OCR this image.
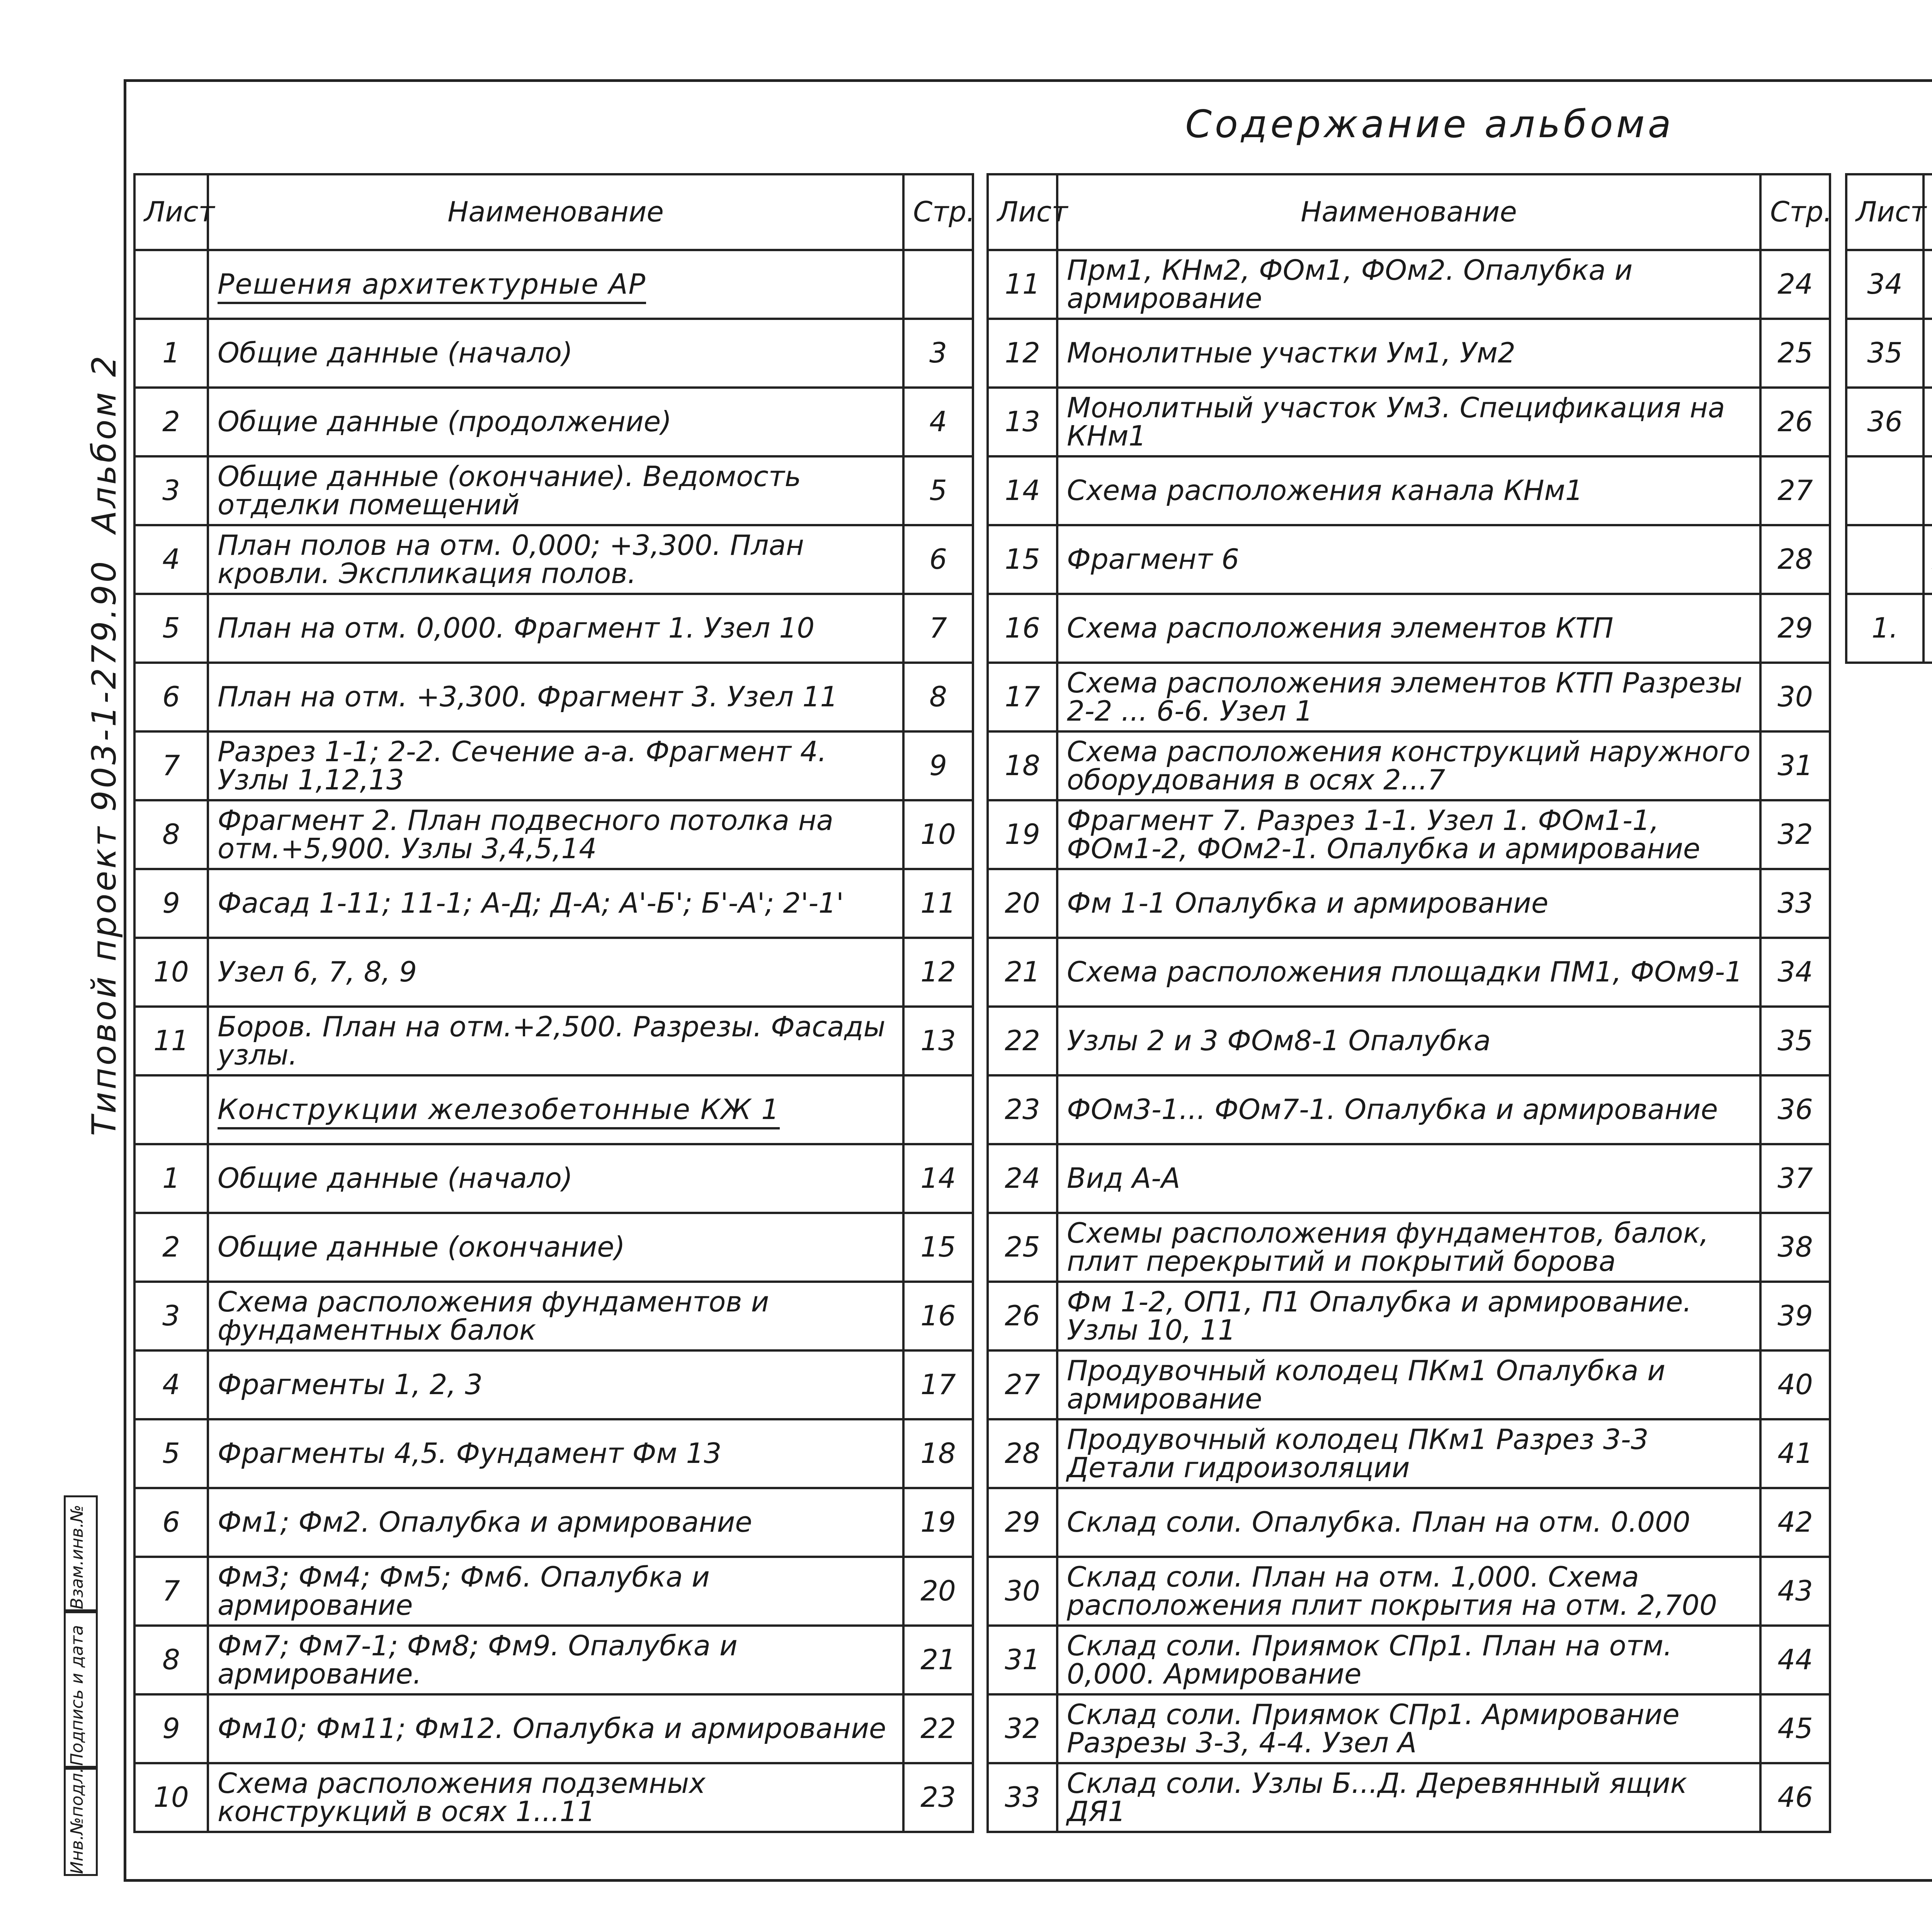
Содержание альбома
Типовой проект 903-1-279.90
Альбом 2
Инв.№подл.
Подпись и дата
Взам.инв.№
Лист	Наименование	Стр.
	Решения архитектурные АР	
1	Общие данные (начало)	3
2	Общие данные (продолжение)	4
3	Общие данные (окончание). Ведомость отделки помещений	5
4	План полов на отм. 0,000; +3,300. План кровли. Экспликация полов.	6
5	План на отм. 0,000. Фрагмент 1. Узел 10	7
6	План на отм. +3,300. Фрагмент 3. Узел 11	8
7	Разрез 1-1; 2-2. Сечение а-а. Фрагмент 4. Узлы 1,12,13	9
8	Фрагмент 2. План подвесного потолка на отм.+5,900. Узлы 3,4,5,14	10
9	Фасад 1-11; 11-1; А-Д; Д-А; А'-Б'; Б'-А'; 2'-1'	11
10	Узел 6, 7, 8, 9	12
11	Боров. План на отм.+2,500. Разрезы. Фасады узлы.	13
	Конструкции железобетонные КЖ 1	
1	Общие данные (начало)	14
2	Общие данные (окончание)	15
3	Схема расположения фундаментов и фундаментных балок	16
4	Фрагменты 1, 2, 3	17
5	Фрагменты 4,5. Фундамент Фм 13	18
6	Фм1; Фм2. Опалубка и армирование	19
7	Фм3; Фм4; Фм5; Фм6. Опалубка и армирование	20
8	Фм7; Фм7-1; Фм8; Фм9. Опалубка и армирование.	21
9	Фм10; Фм11; Фм12. Опалубка и армирование	22
10	Схема расположения подземных конструкций в осях 1...11	23
Лист	Наименование	Стр.
11	Прм1, КНм2, ФОм1, ФОм2. Опалубка и армирование	24
12	Монолитные участки Ум1, Ум2	25
13	Монолитный участок Ум3. Спецификация на КНм1	26
14	Схема расположения канала КНм1	27
15	Фрагмент 6	28
16	Схема расположения элементов КТП	29
17	Схема расположения элементов КТП Разрезы 2-2 ... 6-6. Узел 1	30
18	Схема расположения конструкций наружного оборудования в осях 2...7	31
19	Фрагмент 7. Разрез 1-1. Узел 1. ФОм1-1, ФОм1-2, ФОм2-1. Опалубка и армирование	32
20	Фм 1-1 Опалубка и армирование	33
21	Схема расположения площадки ПМ1, ФОм9-1	34
22	Узлы 2 и 3 ФОм8-1 Опалубка	35
23	ФОм3-1... ФОм7-1. Опалубка и армирование	36
24	Вид А-А	37
25	Схемы расположения фундаментов, балок, плит перекрытий и покрытий борова	38
26	Фм 1-2, ОП1, П1 Опалубка и армирование. Узлы 10, 11	39
27	Продувочный колодец ПКм1 Опалубка и армирование	40
28	Продувочный колодец ПКм1 Разрез 3-3 Детали гидроизоляции	41
29	Склад соли. Опалубка. План на отм. 0.000	42
30	Склад соли. План на отм. 1,000. Схема расположения плит покрытия на отм. 2,700	43
31	Склад соли. Приямок СПр1. План на отм. 0,000. Армирование	44
32	Склад соли. Приямок СПр1. Армирование Разрезы 3-3, 4-4. Узел А	45
33	Склад соли. Узлы Б...Д. Деревянный ящик ДЯ1	46
Лист		
34		
35		
36		

1.		
